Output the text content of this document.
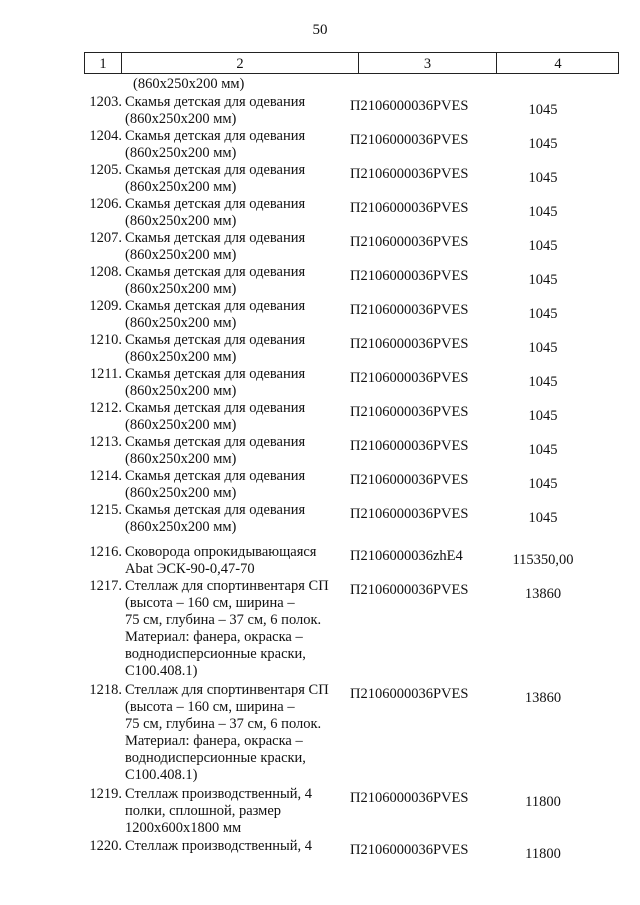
50
1	2	3	4
(860x250x200 мм)
1203. Скамья детская для одевания
(860x250x200 мм)
П2106000036PVES	1045
1204. Скамья детская для одевания
(860x250x200 мм)
П2106000036PVES	1045
1205. Скамья детская для одевания
(860x250x200 мм)
П2106000036PVES	1045
1206. Скамья детская для одевания
(860x250x200 мм)
П2106000036PVES	1045
1207. Скамья детская для одевания
(860x250x200 мм)
П2106000036PVES	1045
1208. Скамья детская для одевания
(860x250x200 мм)
П2106000036PVES	1045
1209. Скамья детская для одевания
(860x250x200 мм)
П2106000036PVES	1045
1210. Скамья детская для одевания
(860x250x200 мм)
П2106000036PVES	1045
1211. Скамья детская для одевания
(860x250x200 мм)
П2106000036PVES	1045
1212. Скамья детская для одевания
(860x250x200 мм)
П2106000036PVES	1045
1213. Скамья детская для одевания
(860x250x200 мм)
П2106000036PVES	1045
1214. Скамья детская для одевания
(860x250x200 мм)
П2106000036PVES	1045
1215. Скамья детская для одевания
(860x250x200 мм)
П2106000036PVES	1045
1216. Сковорода опрокидывающаяся
Abat ЭСК-90-0,47-70
П2106000036zhE4	115350,00
1217. Стеллаж для спортинвентаря СП
(высота – 160 см, ширина –
75 см, глубина – 37 см, 6 полок.
Материал: фанера, окраска –
воднодисперсионные краски,
С100.408.1)
П2106000036PVES	13860
1218. Стеллаж для спортинвентаря СП
(высота – 160 см, ширина –
75 см, глубина – 37 см, 6 полок.
Материал: фанера, окраска –
воднодисперсионные краски,
С100.408.1)
П2106000036PVES	13860
1219. Стеллаж производственный, 4
полки, сплошной, размер
1200x600x1800 мм
П2106000036PVES	11800
1220. Стеллаж производственный, 4	П2106000036PVES	11800
